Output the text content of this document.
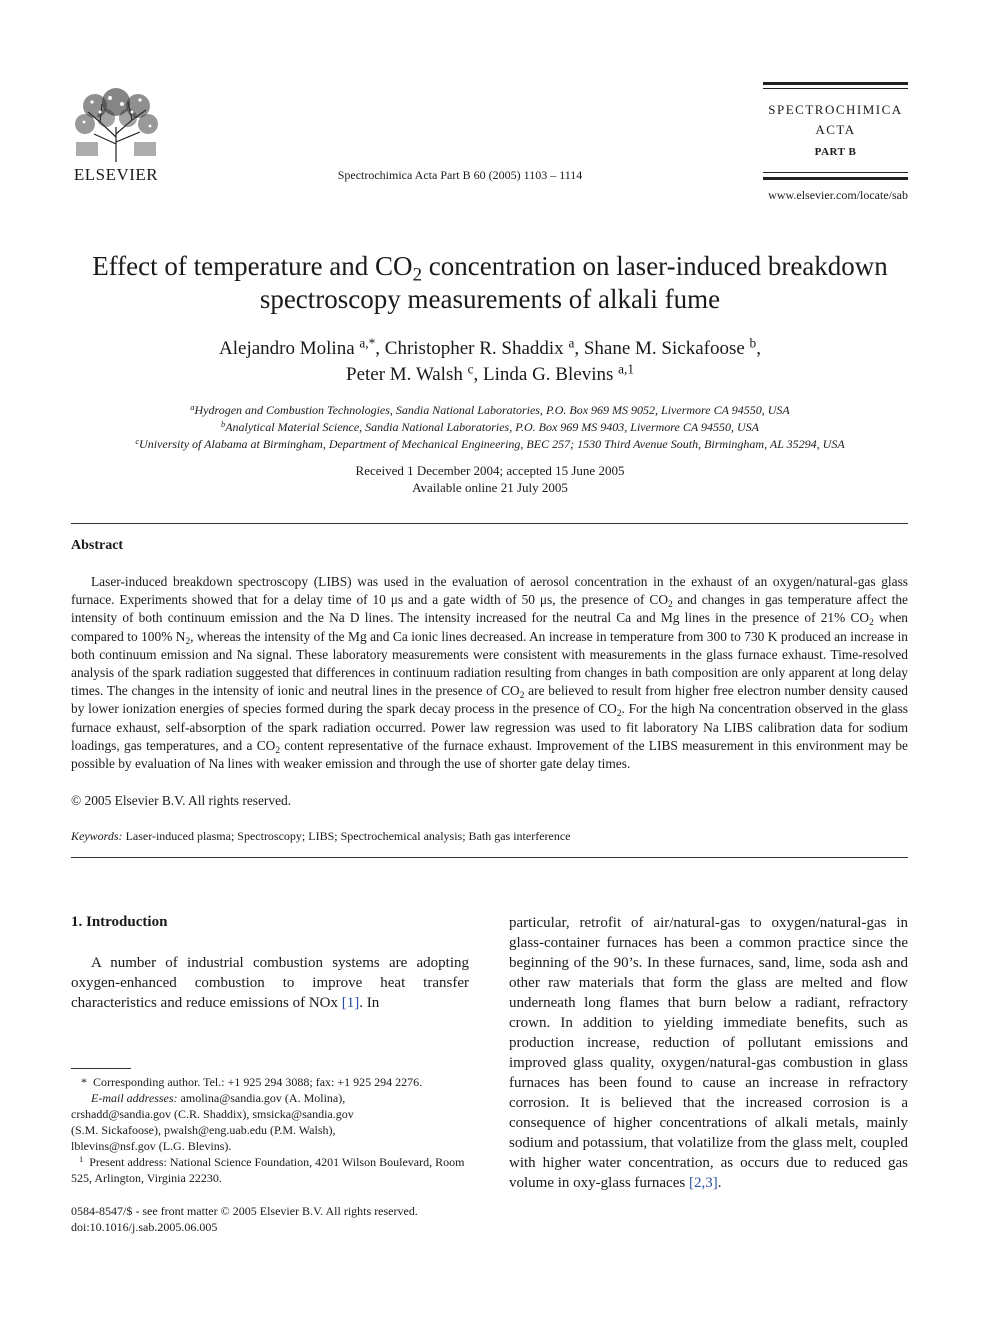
ELSEVIER	Spectrochimica Acta Part B 60 (2005) 1103 – 1114
SPECTROCHIMICA
ACTA
PART B
www.elsevier.com/locate/sab
Effect of temperature and $CO_2$ concentration on laser-induced breakdown
spectroscopy measurements of alkali fume
Alejandro Molina $^{a,*}$, Christopher R. Shaddix $^a$, Shane M. Sickafoose $^b$,
Peter M. Walsh $^c$, Linda G. Blevins $^{a,1}$
$^a$Hydrogen and Combustion Technologies, Sandia National Laboratories, P.O. Box 969 MS 9052, Livermore CA 94550, USA
$^b$Analytical Material Science, Sandia National Laboratories, P.O. Box 969 MS 9403, Livermore CA 94550, USA
$^c$University of Alabama at Birmingham, Department of Mechanical Engineering, BEC 257; 1530 Third Avenue South, Birmingham, AL 35294, USA
Received 1 December 2004; accepted 15 June 2005
Available online 21 July 2005
Abstract
Laser-induced breakdown spectroscopy (LIBS) was used in the evaluation of aerosol concentration in the exhaust of an oxygen/natural-gas glass furnace. Experiments showed that for a delay time of 10 μs and a gate width of 50 μs, the presence of $CO_2$ and changes in gas temperature affect the intensity of both continuum emission and the Na D lines. The intensity increased for the neutral Ca and Mg lines in the presence of 21% $CO_2$ when compared to 100% $N_2$, whereas the intensity of the Mg and Ca ionic lines decreased. An increase in temperature from 300 to 730 K produced an increase in both continuum emission and Na signal. These laboratory measurements were consistent with measurements in the glass furnace exhaust. Time-resolved analysis of the spark radiation suggested that differences in continuum radiation resulting from changes in bath composition are only apparent at long delay times. The changes in the intensity of ionic and neutral lines in the presence of $CO_2$ are believed to result from higher free electron number density caused by lower ionization energies of species formed during the spark decay process in the presence of $CO_2$. For the high Na concentration observed in the glass furnace exhaust, self-absorption of the spark radiation occurred. Power law regression was used to fit laboratory Na LIBS calibration data for sodium loadings, gas temperatures, and a $CO_2$ content representative of the furnace exhaust. Improvement of the LIBS measurement in this environment may be possible by evaluation of Na lines with weaker emission and through the use of shorter gate delay times.
© 2005 Elsevier B.V. All rights reserved.
Keywords: Laser-induced plasma; Spectroscopy; LIBS; Spectrochemical analysis; Bath gas interference
1. Introduction
A number of industrial combustion systems are adopting oxygen-enhanced combustion to improve heat transfer characteristics and reduce emissions of NOx [1]. In
particular, retrofit of air/natural-gas to oxygen/natural-gas in glass-container furnaces has been a common practice since the beginning of the 90’s. In these furnaces, sand, lime, soda ash and other raw materials that form the glass are melted and flow underneath long flames that burn below a radiant, refractory crown. In addition to yielding immediate benefits, such as production increase, reduction of pollutant emissions and improved glass quality, oxygen/natural-gas combustion in glass furnaces has been found to cause an increase in refractory corrosion. It is believed that the increased corrosion is a consequence of higher concentrations of alkali metals, mainly sodium and potassium, that volatilize from the glass melt, coupled with higher water concentration, as occurs due to reduced gas volume in oxy-glass furnaces [2,3].
* Corresponding author. Tel.: +1 925 294 3088; fax: +1 925 294 2276.
E-mail addresses: amolina@sandia.gov (A. Molina),
crshadd@sandia.gov (C.R. Shaddix), smsicka@sandia.gov
(S.M. Sickafoose), pwalsh@eng.uab.edu (P.M. Walsh),
lblevins@nsf.gov (L.G. Blevins).
$^1$ Present address: National Science Foundation, 4201 Wilson Boulevard, Room 525, Arlington, Virginia 22230.
0584-8547/$ - see front matter © 2005 Elsevier B.V. All rights reserved.
doi:10.1016/j.sab.2005.06.005
